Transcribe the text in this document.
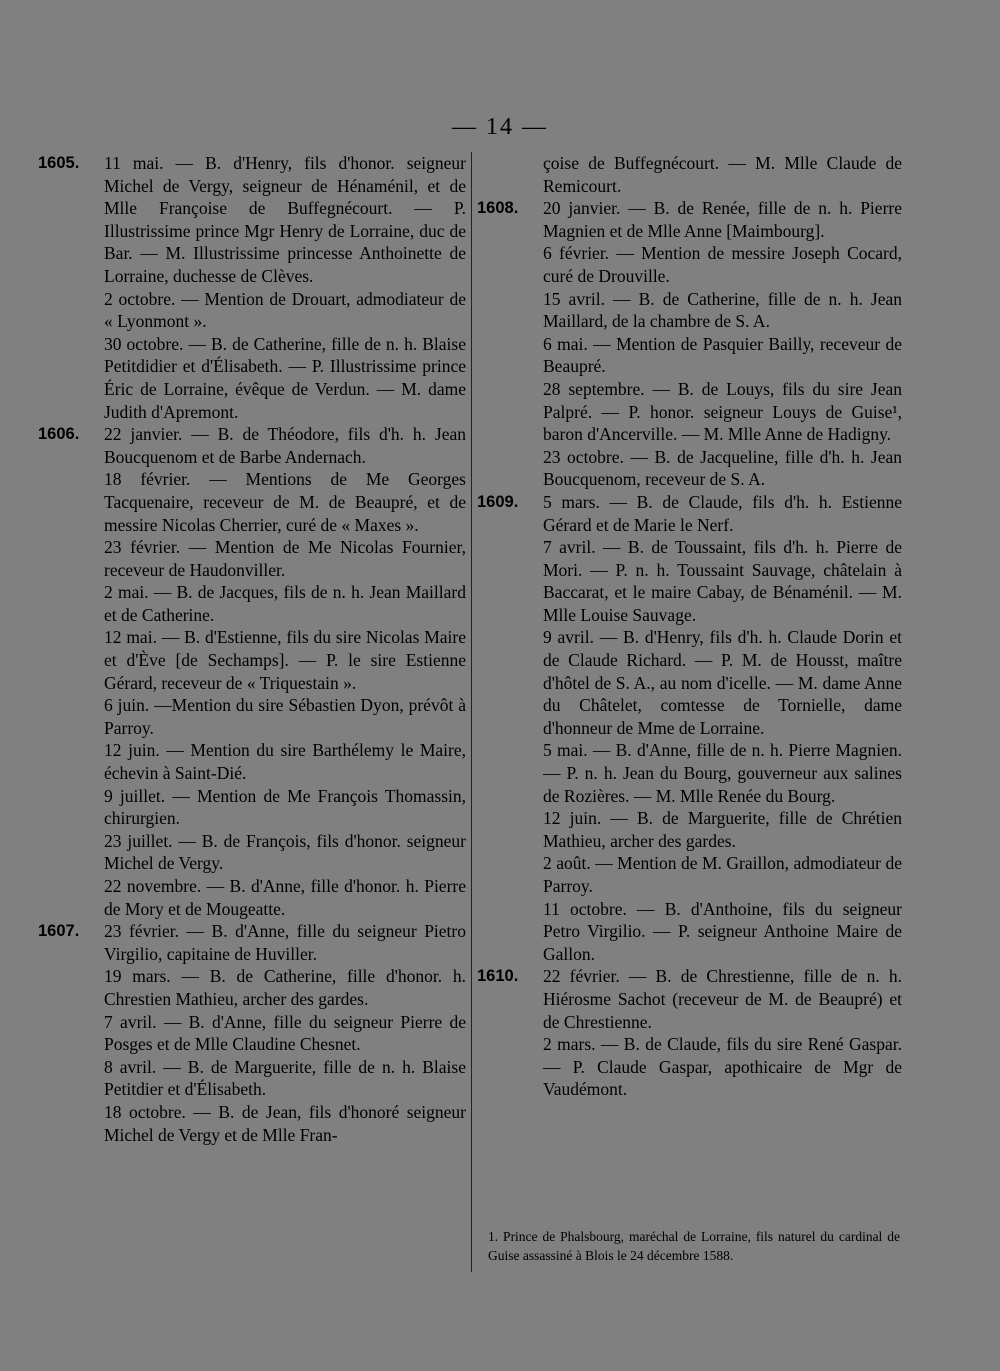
— 14 —

1605. 11 mai. — B. d'Henry, fils d'honor. seigneur Michel de Vergy, seigneur de Hénaménil, et de Mlle Françoise de Buffegnécourt. — P. Illustrissime prince Mgr Henry de Lorraine, duc de Bar. — M. Illustrissime princesse Anthoinette de Lorraine, duchesse de Clèves.

2 octobre. — Mention de Drouart, admodiateur de « Lyonmont ».

30 octobre. — B. de Catherine, fille de n. h. Blaise Petitdidier et d'Élisabeth. — P. Illustrissime prince Éric de Lorraine, évêque de Verdun. — M. dame Judith d'Apremont.

1606. 22 janvier. — B. de Théodore, fils d'h. h. Jean Boucquenom et de Barbe Andernach.

18 février. — Mentions de Me Georges Tacquenaire, receveur de M. de Beaupré, et de messire Nicolas Cherrier, curé de « Maxes ».

23 février. — Mention de Me Nicolas Fournier, receveur de Haudonviller.

2 mai. — B. de Jacques, fils de n. h. Jean Maillard et de Catherine.

12 mai. — B. d'Estienne, fils du sire Nicolas Maire et d'Ève [de Sechamps]. — P. le sire Estienne Gérard, receveur de « Triquestain ».

6 juin. —Mention du sire Sébastien Dyon, prévôt à Parroy.

12 juin. — Mention du sire Barthélemy le Maire, échevin à Saint-Dié.

9 juillet. — Mention de Me François Thomassin, chirurgien.

23 juillet. — B. de François, fils d'honor. seigneur Michel de Vergy.

22 novembre. — B. d'Anne, fille d'honor. h. Pierre de Mory et de Mougeatte.

1607. 23 février. — B. d'Anne, fille du seigneur Pietro Virgilio, capitaine de Huviller.

19 mars. — B. de Catherine, fille d'honor. h. Chrestien Mathieu, archer des gardes.

7 avril. — B. d'Anne, fille du seigneur Pierre de Posges et de Mlle Claudine Chesnet.

8 avril. — B. de Marguerite, fille de n. h. Blaise Petitdier et d'Élisabeth.

18 octobre. — B. de Jean, fils d'honoré seigneur Michel de Vergy et de Mlle Fran-

çoise de Buffegnécourt. — M. Mlle Claude de Remicourt.

1608. 20 janvier. — B. de Renée, fille de n. h. Pierre Magnien et de Mlle Anne [Maimbourg].

6 février. — Mention de messire Joseph Cocard, curé de Drouville.

15 avril. — B. de Catherine, fille de n. h. Jean Maillard, de la chambre de S. A.

6 mai. — Mention de Pasquier Bailly, receveur de Beaupré.

28 septembre. — B. de Louys, fils du sire Jean Palpré. — P. honor. seigneur Louys de Guise¹, baron d'Ancerville. — M. Mlle Anne de Hadigny.

23 octobre. — B. de Jacqueline, fille d'h. h. Jean Boucquenom, receveur de S. A.

1609. 5 mars. — B. de Claude, fils d'h. h. Estienne Gérard et de Marie le Nerf.

7 avril. — B. de Toussaint, fils d'h. h. Pierre de Mori. — P. n. h. Toussaint Sauvage, châtelain à Baccarat, et le maire Cabay, de Bénaménil. — M. Mlle Louise Sauvage.

9 avril. — B. d'Henry, fils d'h. h. Claude Dorin et de Claude Richard. — P. M. de Housst, maître d'hôtel de S. A., au nom d'icelle. — M. dame Anne du Châtelet, comtesse de Tornielle, dame d'honneur de Mme de Lorraine.

5 mai. — B. d'Anne, fille de n. h. Pierre Magnien. — P. n. h. Jean du Bourg, gouverneur aux salines de Rozières. — M. Mlle Renée du Bourg.

12 juin. — B. de Marguerite, fille de Chrétien Mathieu, archer des gardes.

2 août. — Mention de M. Graillon, admodiateur de Parroy.

11 octobre. — B. d'Anthoine, fils du seigneur Petro Virgilio. — P. seigneur Anthoine Maire de Gallon.

1610. 22 février. — B. de Chrestienne, fille de n. h. Hiérosme Sachot (receveur de M. de Beaupré) et de Chrestienne.

2 mars. — B. de Claude, fils du sire René Gaspar. — P. Claude Gaspar, apothicaire de Mgr de Vaudémont.

1. Prince de Phalsbourg, maréchal de Lorraine, fils naturel du cardinal de Guise assassiné à Blois le 24 décembre 1588.
